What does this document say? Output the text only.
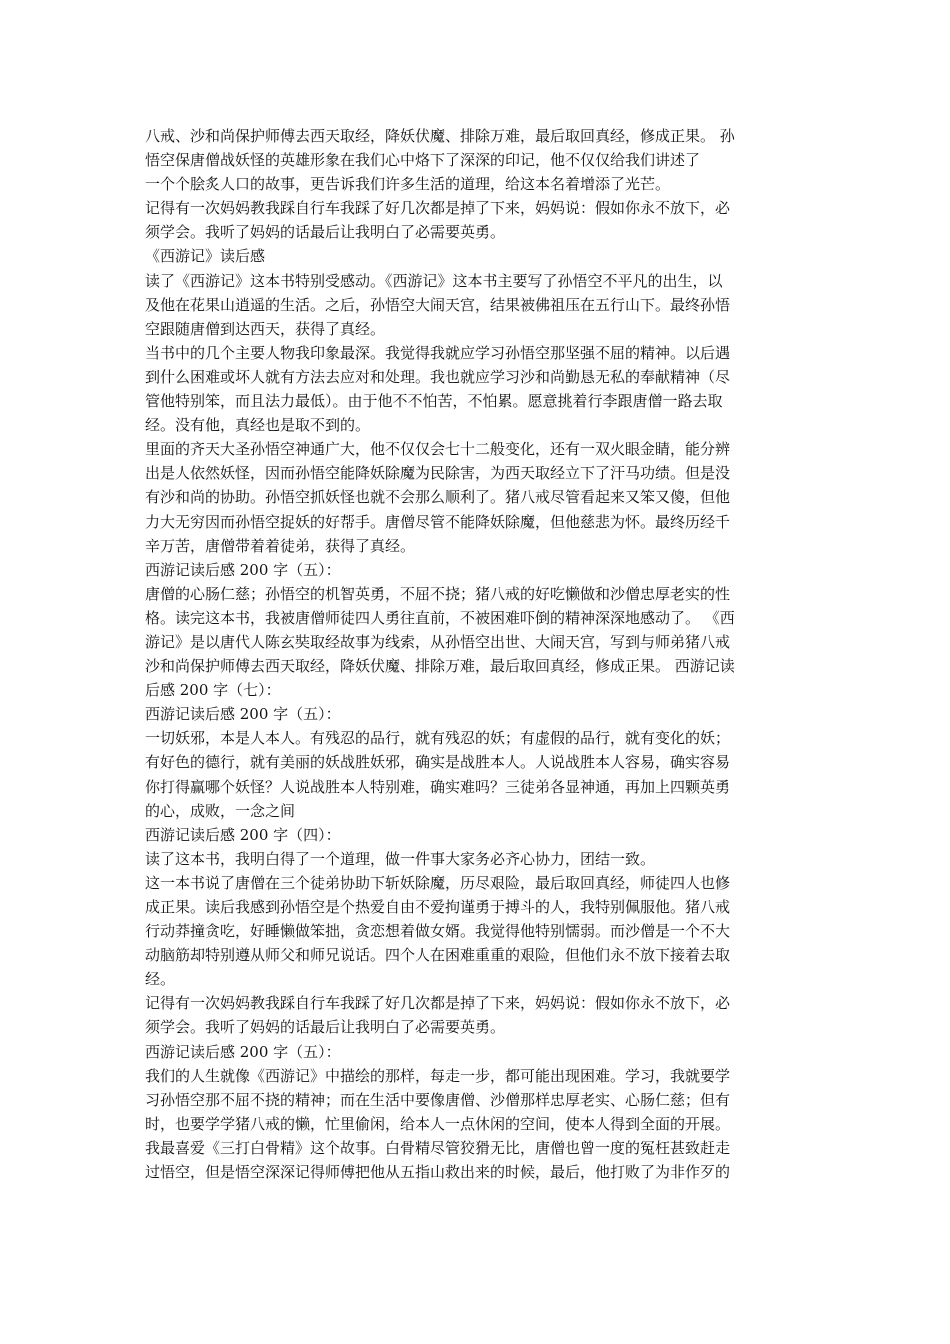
八戒、沙和尚保护师傅去西天取经，降妖伏魔、排除万难，最后取回真经，修成正果。 孙
悟空保唐僧战妖怪的英雄形象在我们心中烙下了深深的印记，他不仅仅给我们讲述了
一个个脍炙人口的故事，更告诉我们许多生活的道理，给这本名着增添了光芒。
记得有一次妈妈教我踩自行车我踩了好几次都是掉了下来，妈妈说：假如你永不放下，必
须学会。我听了妈妈的话最后让我明白了必需要英勇。
《西游记》读后感
读了《西游记》这本书特别受感动。《西游记》这本书主要写了孙悟空不平凡的出生，以
及他在花果山逍遥的生活。之后，孙悟空大闹天宫，结果被佛祖压在五行山下。最终孙悟
空跟随唐僧到达西天，获得了真经。
当书中的几个主要人物我印象最深。我觉得我就应学习孙悟空那坚强不屈的精神。以后遇
到什么困难或坏人就有方法去应对和处理。我也就应学习沙和尚勤恳无私的奉献精神（尽
管他特别笨，而且法力最低）。由于他不不怕苦，不怕累。愿意挑着行李跟唐僧一路去取
经。没有他，真经也是取不到的。
里面的齐天大圣孙悟空神通广大，他不仅仅会七十二般变化，还有一双火眼金睛，能分辨
出是人依然妖怪，因而孙悟空能降妖除魔为民除害，为西天取经立下了汗马功绩。但是没
有沙和尚的协助。孙悟空抓妖怪也就不会那么顺利了。猪八戒尽管看起来又笨又傻，但他
力大无穷因而孙悟空捉妖的好帮手。唐僧尽管不能降妖除魔，但他慈悲为怀。最终历经千
辛万苦，唐僧带着着徒弟，获得了真经。
西游记读后感 200 字（五）：
唐僧的心肠仁慈；孙悟空的机智英勇，不屈不挠；猪八戒的好吃懒做和沙僧忠厚老实的性
格。读完这本书，我被唐僧师徒四人勇往直前，不被困难吓倒的精神深深地感动了。 《西
游记》是以唐代人陈玄奘取经故事为线索，从孙悟空出世、大闹天宫，写到与师弟猪八戒
沙和尚保护师傅去西天取经，降妖伏魔、排除万难，最后取回真经，修成正果。 西游记读
后感 200 字（七）：
西游记读后感 200 字（五）：
一切妖邪，本是人本人。有残忍的品行，就有残忍的妖；有虚假的品行，就有变化的妖；
有好色的德行，就有美丽的妖战胜妖邪，确实是战胜本人。人说战胜本人容易，确实容易
你打得赢哪个妖怪？人说战胜本人特别难，确实难吗？三徒弟各显神通，再加上四颗英勇
的心，成败，一念之间
西游记读后感 200 字（四）：
读了这本书，我明白得了一个道理，做一件事大家务必齐心协力，团结一致。
这一本书说了唐僧在三个徒弟协助下斩妖除魔，历尽艰险，最后取回真经，师徒四人也修
成正果。读后我感到孙悟空是个热爱自由不爱拘谨勇于搏斗的人，我特别佩服他。猪八戒
行动莽撞贪吃，好睡懒做笨拙，贪恋想着做女婿。我觉得他特别懦弱。而沙僧是一个不大
动脑筋却特别遵从师父和师兄说话。四个人在困难重重的艰险，但他们永不放下接着去取
经。
记得有一次妈妈教我踩自行车我踩了好几次都是掉了下来，妈妈说：假如你永不放下，必
须学会。我听了妈妈的话最后让我明白了必需要英勇。
西游记读后感 200 字（五）：
我们的人生就像《西游记》中描绘的那样，每走一步，都可能出现困难。学习，我就要学
习孙悟空那不屈不挠的精神；而在生活中要像唐僧、沙僧那样忠厚老实、心肠仁慈；但有
时，也要学学猪八戒的懒，忙里偷闲，给本人一点休闲的空间，使本人得到全面的开展。
我最喜爱《三打白骨精》这个故事。白骨精尽管狡猾无比，唐僧也曾一度的冤枉甚致赶走
过悟空，但是悟空深深记得师傅把他从五指山救出来的时候，最后，他打败了为非作歹的
